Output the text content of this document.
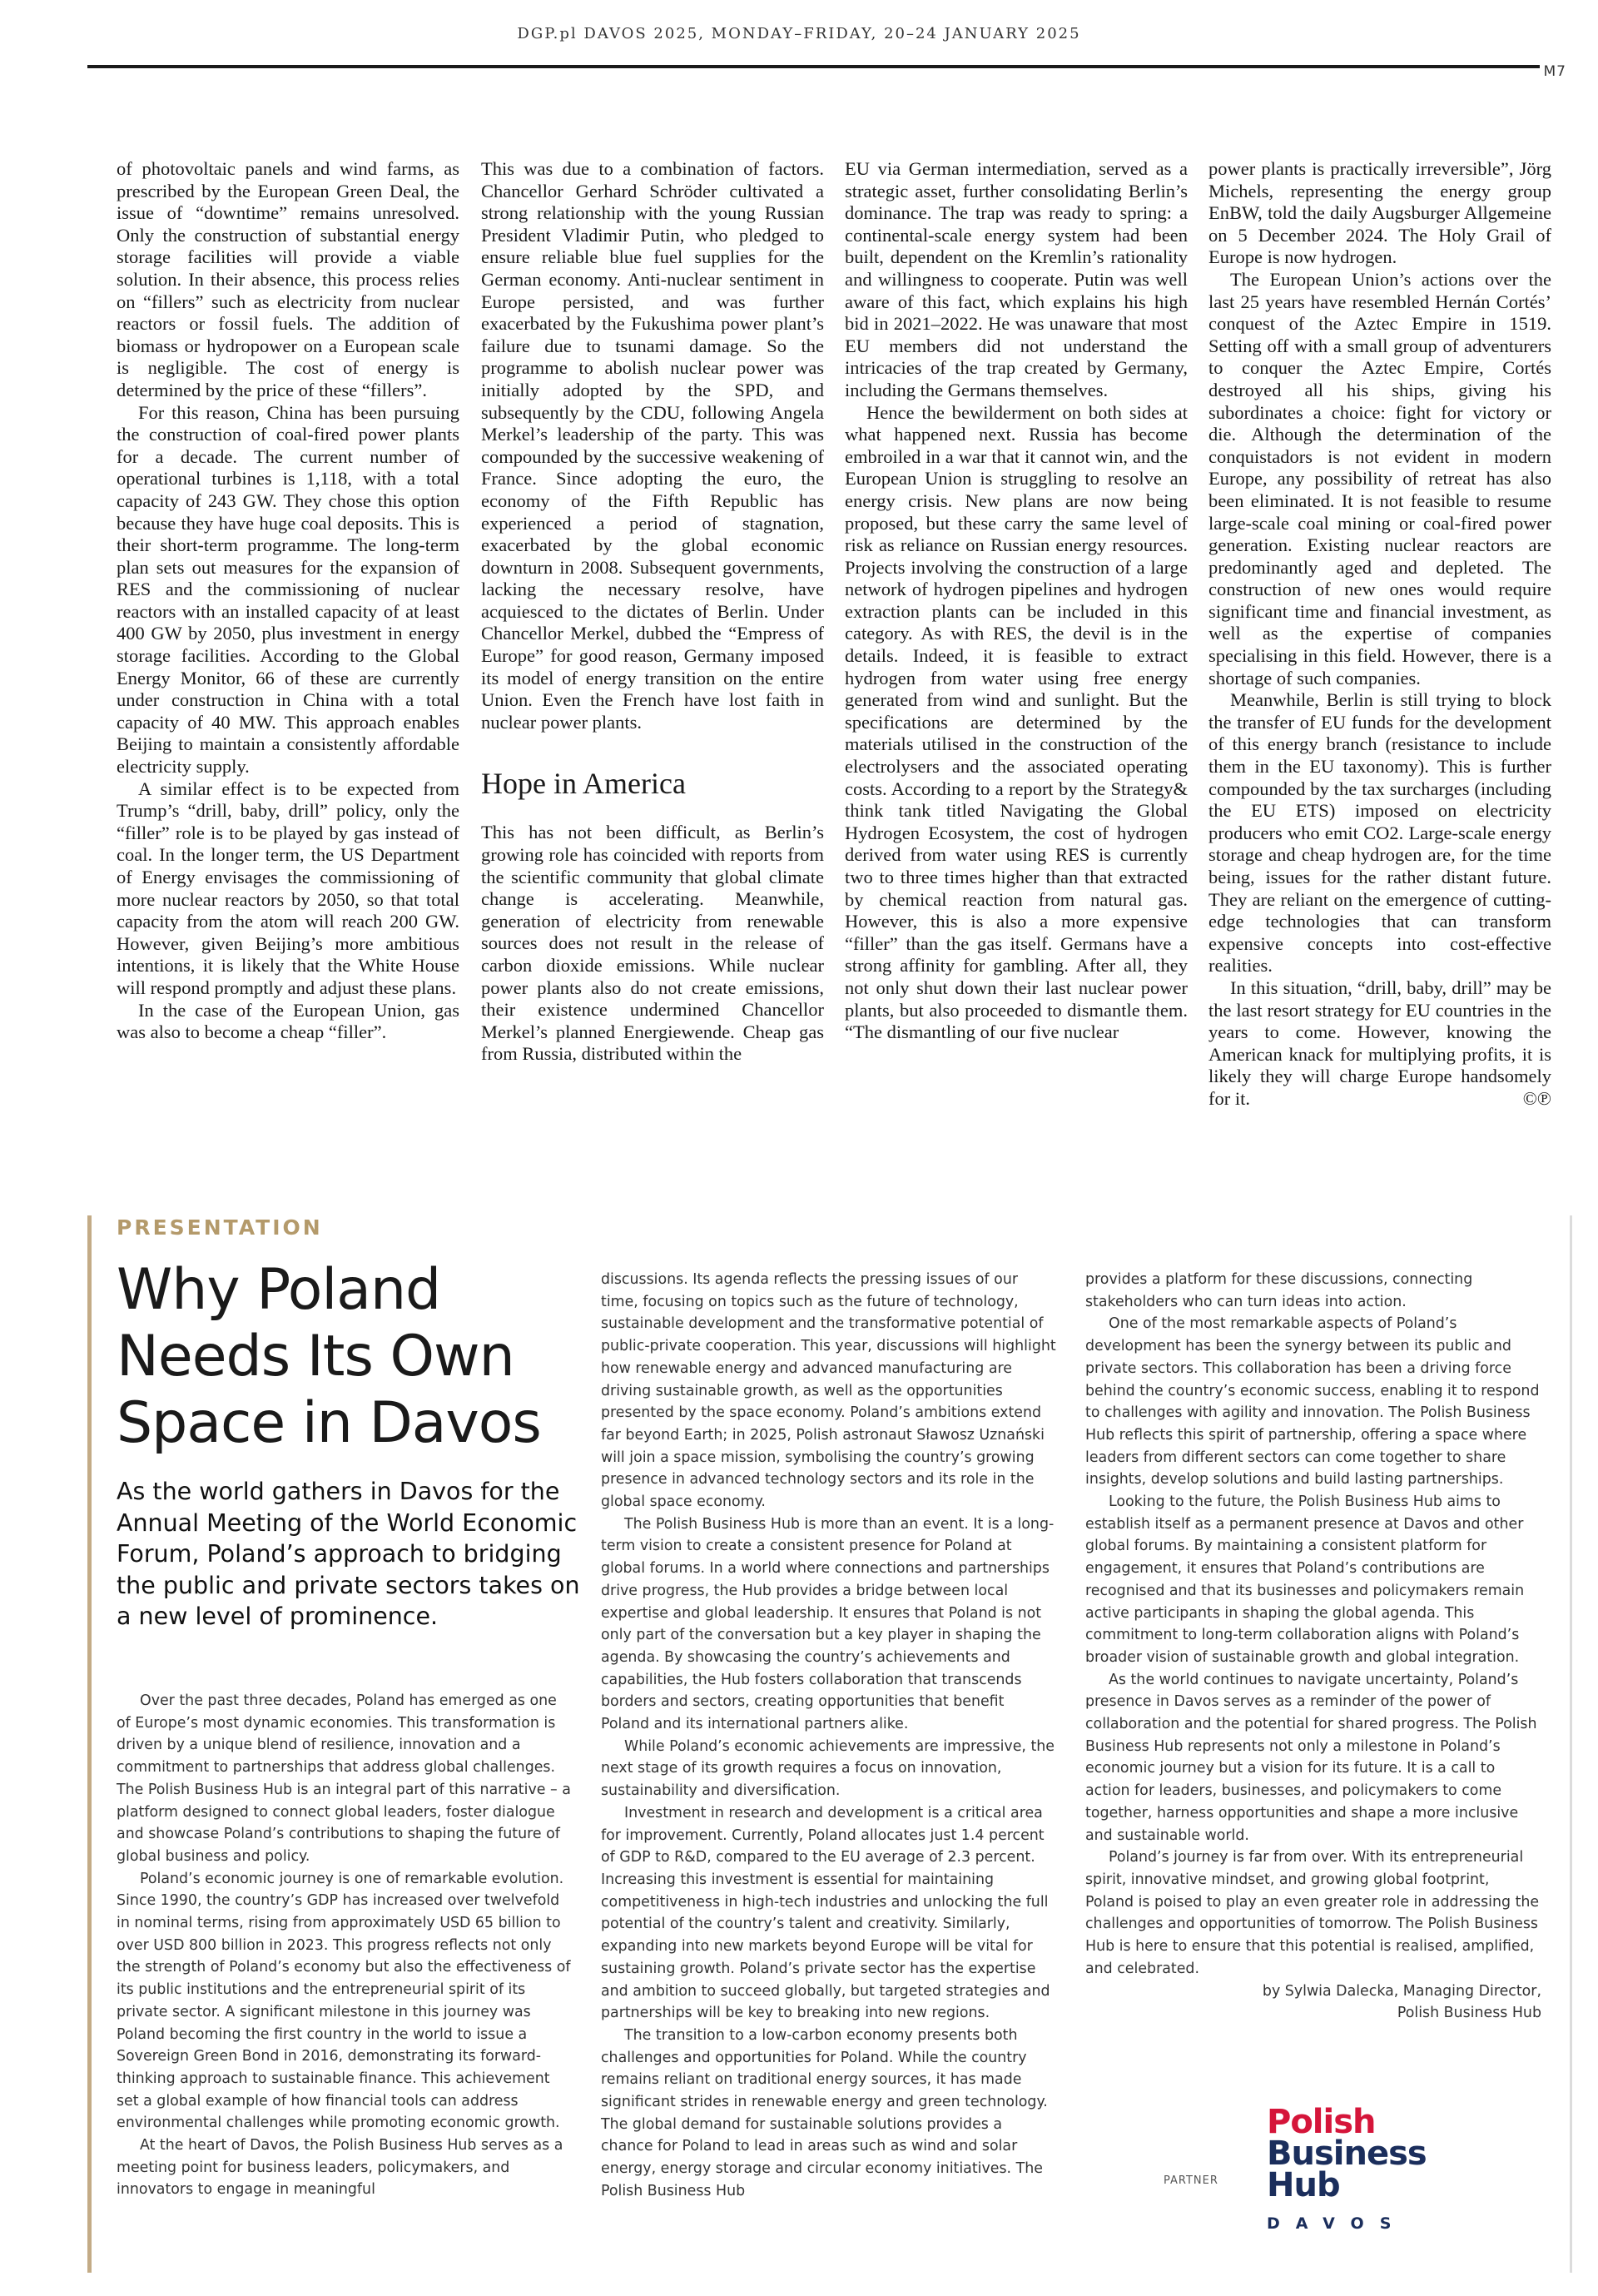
DGP.pl DAVOS 2025, MONDAY–FRIDAY, 20–24 JANUARY 2025
M7

of photovoltaic panels and wind farms, as prescribed by the European Green Deal, the issue of “downtime” remains unresolved. Only the construction of substantial energy storage facilities will provide a viable solution. In their absence, this process relies on “fillers” such as electricity from nuclear reactors or fossil fuels. The addition of biomass or hydropower on a European scale is negligible. The cost of energy is determined by the price of these “fillers”.

For this reason, China has been pursuing the construction of coal-fired power plants for a decade. The current number of operational turbines is 1,118, with a total capacity of 243 GW. They chose this option because they have huge coal deposits. This is their short-term programme. The long-term plan sets out measures for the expansion of RES and the commissioning of nuclear reactors with an installed capacity of at least 400 GW by 2050, plus investment in energy storage facilities. According to the Global Energy Monitor, 66 of these are currently under construction in China with a total capacity of 40 MW. This approach enables Beijing to maintain a consistently affordable electricity supply.

A similar effect is to be expected from Trump’s “drill, baby, drill” policy, only the “filler” role is to be played by gas instead of coal. In the longer term, the US Department of Energy envisages the commissioning of more nuclear reactors by 2050, so that total capacity from the atom will reach 200 GW. However, given Beijing’s more ambitious intentions, it is likely that the White House will respond promptly and adjust these plans.

In the case of the European Union, gas was also to become a cheap “filler”.

This was due to a combination of factors. Chancellor Gerhard Schröder cultivated a strong relationship with the young Russian President Vladimir Putin, who pledged to ensure reliable blue fuel supplies for the German economy. Anti-nuclear sentiment in Europe persisted, and was further exacerbated by the Fukushima power plant’s failure due to tsunami damage. So the programme to abolish nuclear power was initially adopted by the SPD, and subsequently by the CDU, following Angela Merkel’s leadership of the party. This was compounded by the successive weakening of France. Since adopting the euro, the economy of the Fifth Republic has experienced a period of stagnation, exacerbated by the global economic downturn in 2008. Subsequent governments, lacking the necessary resolve, have acquiesced to the dictates of Berlin. Under Chancellor Merkel, dubbed the “Empress of Europe” for good reason, Germany imposed its model of energy transition on the entire Union. Even the French have lost faith in nuclear power plants.

Hope in America

This has not been difficult, as Berlin’s growing role has coincided with reports from the scientific community that global climate change is accelerating. Meanwhile, generation of electricity from renewable sources does not result in the release of carbon dioxide emissions. While nuclear power plants also do not create emissions, their existence undermined Chancellor Merkel’s planned Energiewende. Cheap gas from Russia, distributed within the

EU via German intermediation, served as a strategic asset, further consolidating Berlin’s dominance. The trap was ready to spring: a continental-scale energy system had been built, dependent on the Kremlin’s rationality and willingness to cooperate. Putin was well aware of this fact, which explains his high bid in 2021–2022. He was unaware that most EU members did not understand the intricacies of the trap created by Germany, including the Germans themselves.

Hence the bewilderment on both sides at what happened next. Russia has become embroiled in a war that it cannot win, and the European Union is struggling to resolve an energy crisis. New plans are now being proposed, but these carry the same level of risk as reliance on Russian energy resources. Projects involving the construction of a large network of hydrogen pipelines and hydrogen extraction plants can be included in this category. As with RES, the devil is in the details. Indeed, it is feasible to extract hydrogen from water using free energy generated from wind and sunlight. But the specifications are determined by the materials utilised in the construction of the electrolysers and the associated operating costs. According to a report by the Strategy& think tank titled Navigating the Global Hydrogen Ecosystem, the cost of hydrogen derived from water using RES is currently two to three times higher than that extracted by chemical reaction from natural gas. However, this is also a more expensive “filler” than the gas itself. Germans have a strong affinity for gambling. After all, they not only shut down their last nuclear power plants, but also proceeded to dismantle them. “The dismantling of our five nuclear

power plants is practically irreversible”, Jörg Michels, representing the energy group EnBW, told the daily Augsburger Allgemeine on 5 December 2024. The Holy Grail of Europe is now hydrogen.

The European Union’s actions over the last 25 years have resembled Hernán Cortés’ conquest of the Aztec Empire in 1519. Setting off with a small group of adventurers to conquer the Aztec Empire, Cortés destroyed all his ships, giving his subordinates a choice: fight for victory or die. Although the determination of the conquistadors is not evident in modern Europe, any possibility of retreat has also been eliminated. It is not feasible to resume large-scale coal mining or coal-fired power generation. Existing nuclear reactors are predominantly aged and depleted. The construction of new ones would require significant time and financial investment, as well as the expertise of companies specialising in this field. However, there is a shortage of such companies.

Meanwhile, Berlin is still trying to block the transfer of EU funds for the development of this energy branch (resistance to include them in the EU taxonomy). This is further compounded by the tax surcharges (including the EU ETS) imposed on electricity producers who emit CO2. Large-scale energy storage and cheap hydrogen are, for the time being, issues for the rather distant future. They are reliant on the emergence of cutting-edge technologies that can transform expensive concepts into cost-effective realities.

In this situation, “drill, baby, drill” may be the last resort strategy for EU countries in the years to come. However, knowing the American knack for multiplying profits, it is likely they will charge Europe handsomely for it.	©℗

PRESENTATION
Why Poland
Needs Its Own
Space in Davos

As the world gathers in Davos for the Annual Meeting of the World Economic Forum, Poland’s approach to bridging the public and private sectors takes on a new level of prominence.

Over the past three decades, Poland has emerged as one of Europe’s most dynamic economies. This transformation is driven by a unique blend of resilience, innovation and a commitment to partnerships that address global challenges. The Polish Business Hub is an integral part of this narrative – a platform designed to connect global leaders, foster dialogue and showcase Poland’s contributions to shaping the future of global business and policy.

Poland’s economic journey is one of remarkable evolution. Since 1990, the country’s GDP has increased over twelvefold in nominal terms, rising from approximately USD 65 billion to over USD 800 billion in 2023. This progress reflects not only the strength of Poland’s economy but also the effectiveness of its public institutions and the entrepreneurial spirit of its private sector. A significant milestone in this journey was Poland becoming the first country in the world to issue a Sovereign Green Bond in 2016, demonstrating its forward-thinking approach to sustainable finance. This achievement set a global example of how financial tools can address environmental challenges while promoting economic growth.

At the heart of Davos, the Polish Business Hub serves as a meeting point for business leaders, policymakers, and innovators to engage in meaningful

discussions. Its agenda reflects the pressing issues of our time, focusing on topics such as the future of technology, sustainable development and the transformative potential of public-private cooperation. This year, discussions will highlight how renewable energy and advanced manufacturing are driving sustainable growth, as well as the opportunities presented by the space economy. Poland’s ambitions extend far beyond Earth; in 2025, Polish astronaut Sławosz Uznański will join a space mission, symbolising the country’s growing presence in advanced technology sectors and its role in the global space economy.

The Polish Business Hub is more than an event. It is a long-term vision to create a consistent presence for Poland at global forums. In a world where connections and partnerships drive progress, the Hub provides a bridge between local expertise and global leadership. It ensures that Poland is not only part of the conversation but a key player in shaping the agenda. By showcasing the country’s achievements and capabilities, the Hub fosters collaboration that transcends borders and sectors, creating opportunities that benefit Poland and its international partners alike.

While Poland’s economic achievements are impressive, the next stage of its growth requires a focus on innovation, sustainability and diversification.

Investment in research and development is a critical area for improvement. Currently, Poland allocates just 1.4 percent of GDP to R&D, compared to the EU average of 2.3 percent. Increasing this investment is essential for maintaining competitiveness in high-tech industries and unlocking the full potential of the country’s talent and creativity. Similarly, expanding into new markets beyond Europe will be vital for sustaining growth. Poland’s private sector has the expertise and ambition to succeed globally, but targeted strategies and partnerships will be key to breaking into new regions.

The transition to a low-carbon economy presents both challenges and opportunities for Poland. While the country remains reliant on traditional energy sources, it has made significant strides in renewable energy and green technology. The global demand for sustainable solutions provides a chance for Poland to lead in areas such as wind and solar energy, energy storage and circular economy initiatives. The Polish Business Hub

provides a platform for these discussions, connecting stakeholders who can turn ideas into action.

One of the most remarkable aspects of Poland’s development has been the synergy between its public and private sectors. This collaboration has been a driving force behind the country’s economic success, enabling it to respond to challenges with agility and innovation. The Polish Business Hub reflects this spirit of partnership, offering a space where leaders from different sectors can come together to share insights, develop solutions and build lasting partnerships.

Looking to the future, the Polish Business Hub aims to establish itself as a permanent presence at Davos and other global forums. By maintaining a consistent platform for engagement, it ensures that Poland’s contributions are recognised and that its businesses and policymakers remain active participants in shaping the global agenda. This commitment to long-term collaboration aligns with Poland’s broader vision of sustainable growth and global integration.

As the world continues to navigate uncertainty, Poland’s presence in Davos serves as a reminder of the power of collaboration and the potential for shared progress. The Polish Business Hub represents not only a milestone in Poland’s economic journey but a vision for its future. It is a call to action for leaders, businesses, and policymakers to come together, harness opportunities and shape a more inclusive and sustainable world.

Poland’s journey is far from over. With its entrepreneurial spirit, innovative mindset, and growing global footprint, Poland is poised to play an even greater role in addressing the challenges and opportunities of tomorrow. The Polish Business Hub is here to ensure that this potential is realised, amplified, and celebrated.

by Sylwia Dalecka, Managing Director,

Polish Business Hub

PARTNER
Polish
Business
Hub
DAVOS
